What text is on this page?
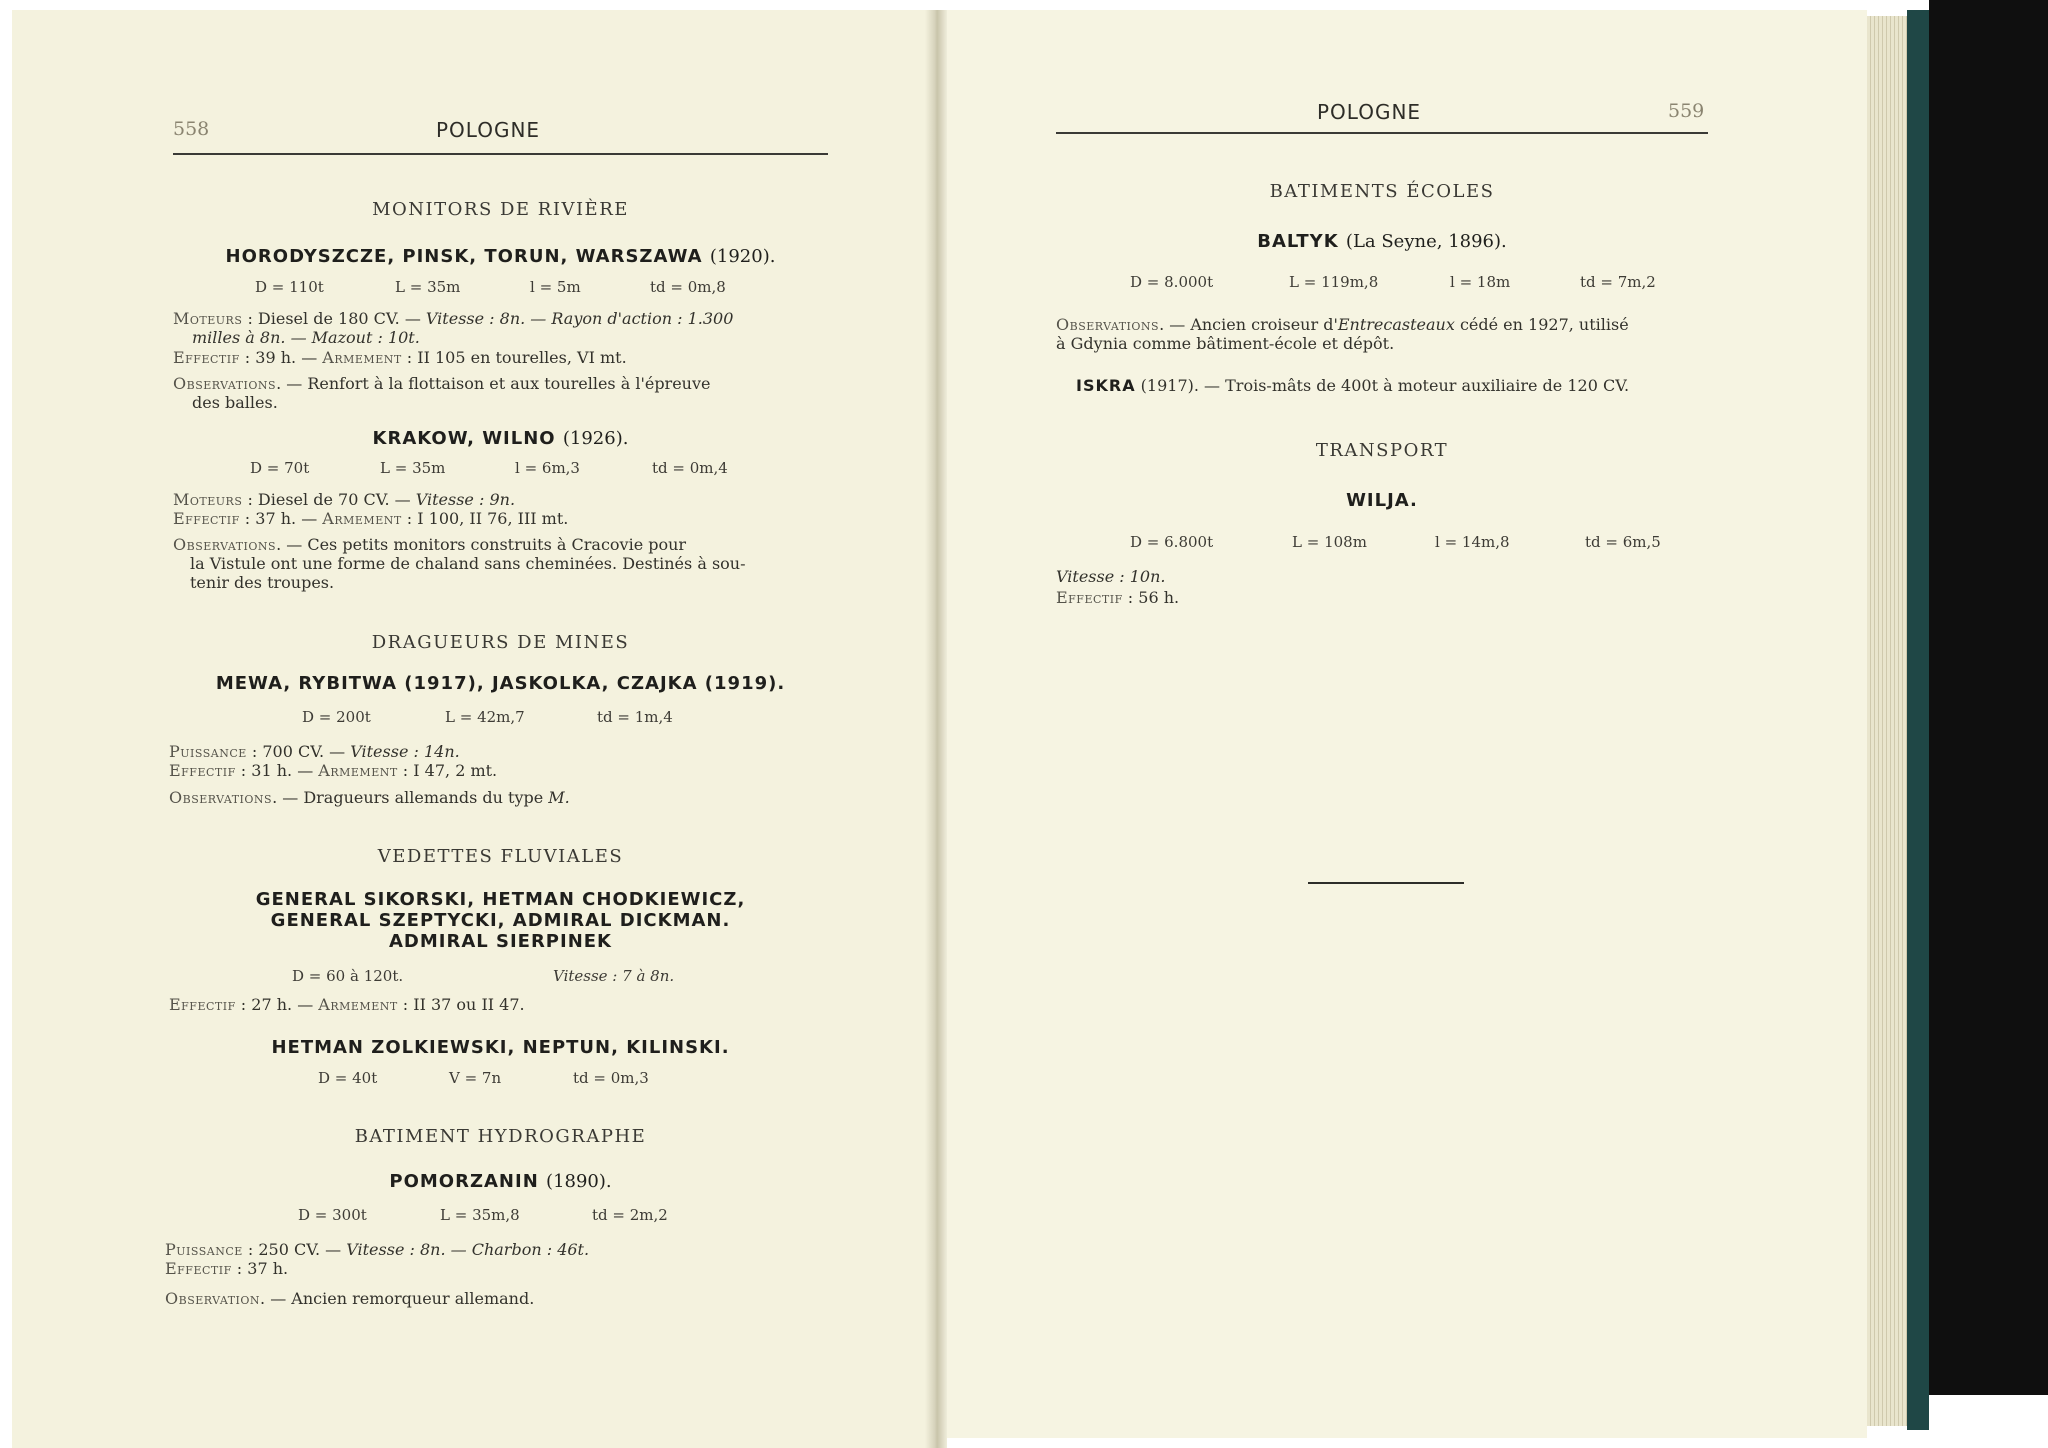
558	POLOGNE
MONITORS DE RIVIÈRE
HORODYSZCZE, PINSK, TORUN, WARSZAWA (1920).
D = 110t	L = 35m	l = 5m	td = 0m,8
Moteurs : Diesel de 180 CV. — Vitesse : 8n. — Rayon d'action : 1.300
milles à 8n. — Mazout : 10t.
Effectif : 39 h. — Armement : II 105 en tourelles, VI mt.
Observations. — Renfort à la flottaison et aux tourelles à l'épreuve
des balles.
KRAKOW, WILNO (1926).
D = 70t	L = 35m	l = 6m,3	td = 0m,4
Moteurs : Diesel de 70 CV. — Vitesse : 9n.
Effectif : 37 h. — Armement : I 100, II 76, III mt.
Observations. — Ces petits monitors construits à Cracovie pour
la Vistule ont une forme de chaland sans cheminées. Destinés à sou-
tenir des troupes.
DRAGUEURS DE MINES
MEWA, RYBITWA (1917), JASKOLKA, CZAJKA (1919).
D = 200t	L = 42m,7	td = 1m,4
Puissance : 700 CV. — Vitesse : 14n.
Effectif : 31 h. — Armement : I 47, 2 mt.
Observations. — Dragueurs allemands du type M.
VEDETTES FLUVIALES
GENERAL SIKORSKI, HETMAN CHODKIEWICZ,
GENERAL SZEPTYCKI, ADMIRAL DICKMAN.
ADMIRAL SIERPINEK
D = 60 à 120t.	Vitesse : 7 à 8n.
Effectif : 27 h. — Armement : II 37 ou II 47.
HETMAN ZOLKIEWSKI, NEPTUN, KILINSKI.
D = 40t	V = 7n	td = 0m,3
BATIMENT HYDROGRAPHE
POMORZANIN (1890).
D = 300t	L = 35m,8	td = 2m,2
Puissance : 250 CV. — Vitesse : 8n. — Charbon : 46t.
Effectif : 37 h.
Observation. — Ancien remorqueur allemand.
POLOGNE	559
BATIMENTS ÉCOLES
BALTYK (La Seyne, 1896).
D = 8.000t	L = 119m,8	l = 18m	td = 7m,2
Observations. — Ancien croiseur d'Entrecasteaux cédé en 1927, utilisé
à Gdynia comme bâtiment-école et dépôt.
ISKRA (1917). — Trois-mâts de 400t à moteur auxiliaire de 120 CV.
TRANSPORT
WILJA.
D = 6.800t	L = 108m	l = 14m,8	td = 6m,5
Vitesse : 10n.
Effectif : 56 h.
